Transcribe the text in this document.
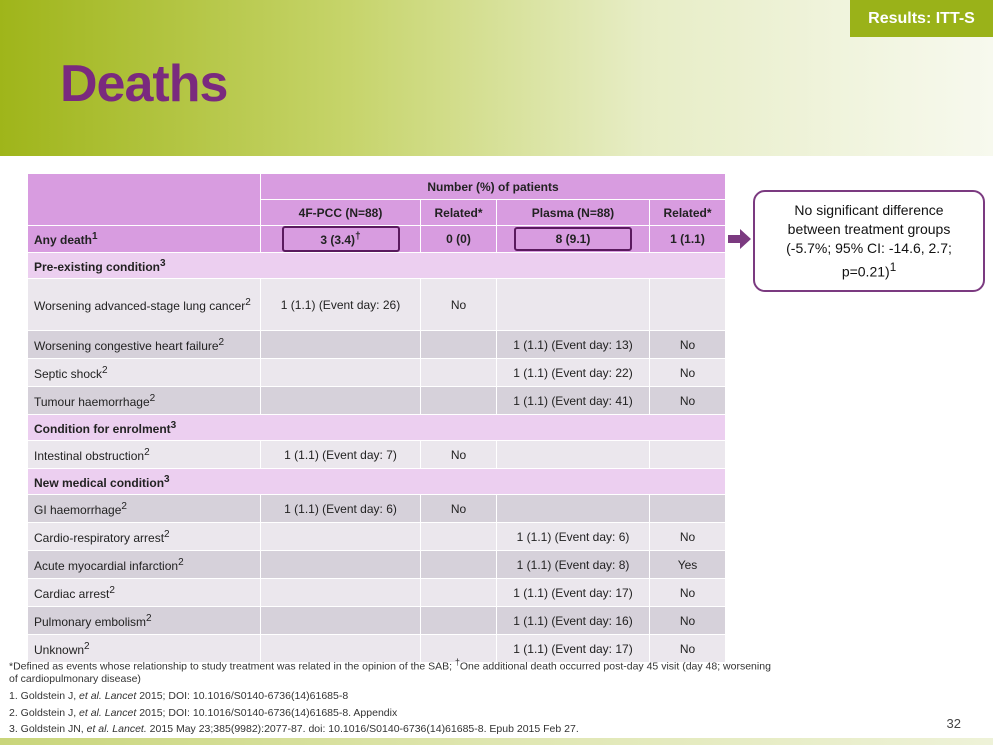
Results: ITT-S
Deaths
	Number (%) of patients			
	4F-PCC (N=88)	Related*	Plasma (N=88)	Related*
Any death$^1$	3 (3.4)†	0 (0)	8 (9.1)	1 (1.1)
Pre-existing condition$^3$
Worsening advanced-stage lung cancer$^2$	1 (1.1) (Event day: 26)	No		
Worsening congestive heart failure$^2$			1 (1.1) (Event day: 13)	No
Septic shock$^2$			1 (1.1) (Event day: 22)	No
Tumour haemorrhage$^2$			1 (1.1) (Event day: 41)	No
Condition for enrolment$^3$
Intestinal obstruction$^2$	1 (1.1) (Event day: 7)	No		
New medical condition$^3$
GI haemorrhage$^2$	1 (1.1) (Event day: 6)	No		
Cardio-respiratory arrest$^2$			1 (1.1) (Event day: 6)	No
Acute myocardial infarction$^2$			1 (1.1) (Event day: 8)	Yes
Cardiac arrest$^2$			1 (1.1) (Event day: 17)	No
Pulmonary embolism$^2$			1 (1.1) (Event day: 16)	No
Unknown$^2$			1 (1.1) (Event day: 17)	No
No significant difference between treatment groups (-5.7%; 95% CI: -14.6, 2.7; p=0.21)$^1$
*Defined as events whose relationship to study treatment was related in the opinion of the SAB; †One additional death occurred post-day 45 visit (day 48; worsening
of cardiopulmonary disease)
1. Goldstein J, et al. Lancet 2015; DOI: 10.1016/S0140-6736(14)61685-8
2. Goldstein J, et al. Lancet 2015; DOI: 10.1016/S0140-6736(14)61685-8. Appendix
3. Goldstein JN, et al. Lancet. 2015 May 23;385(9982):2077-87. doi: 10.1016/S0140-6736(14)61685-8. Epub 2015 Feb 27.	32
